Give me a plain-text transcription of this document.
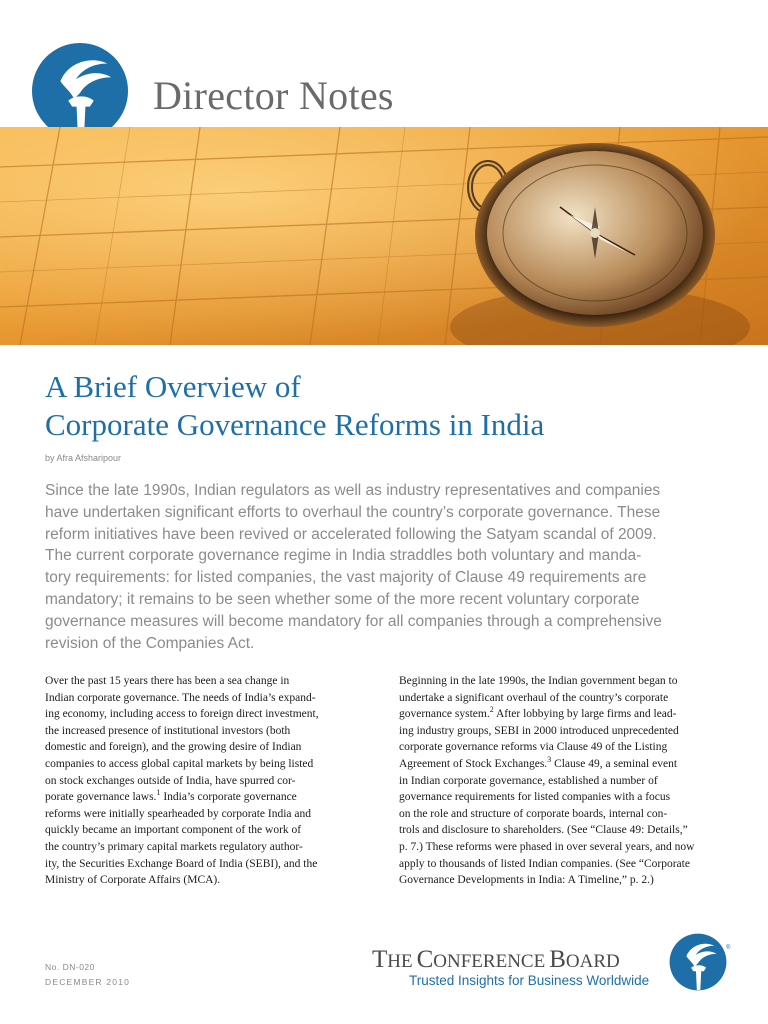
Director Notes
A Brief Overview of
Corporate Governance Reforms in India
by Afra Afsharipour
Since the late 1990s, Indian regulators as well as industry representatives and companies
have undertaken significant efforts to overhaul the country’s corporate governance. These
reform initiatives have been revived or accelerated following the Satyam scandal of 2009.
The current corporate governance regime in India straddles both voluntary and manda-
tory requirements: for listed companies, the vast majority of Clause 49 requirements are
mandatory; it remains to be seen whether some of the more recent voluntary corporate
governance measures will become mandatory for all companies through a comprehensive
revision of the Companies Act.
Over the past 15 years there has been a sea change in
Indian corporate governance. The needs of India’s expand-
ing economy, including access to foreign direct investment,
the increased presence of institutional investors (both
domestic and foreign), and the growing desire of Indian
companies to access global capital markets by being listed
on stock exchanges outside of India, have spurred cor-
porate governance laws.$^1$ India’s corporate governance
reforms were initially spearheaded by corporate India and
quickly became an important component of the work of
the country’s primary capital markets regulatory author-
ity, the Securities Exchange Board of India (SEBI), and the
Ministry of Corporate Affairs (MCA).
Beginning in the late 1990s, the Indian government began to
undertake a significant overhaul of the country’s corporate
governance system.$^2$ After lobbying by large firms and lead-
ing industry groups, SEBI in 2000 introduced unprecedented
corporate governance reforms via Clause 49 of the Listing
Agreement of Stock Exchanges.$^3$ Clause 49, a seminal event
in Indian corporate governance, established a number of
governance requirements for listed companies with a focus
on the role and structure of corporate boards, internal con-
trols and disclosure to shareholders. (See “Clause 49: Details,”
p. 7.) These reforms were phased in over several years, and now
apply to thousands of listed Indian companies. (See “Corporate
Governance Developments in India: A Timeline,” p. 2.)
No. DN-020
DECEMBER 2010
THE CONFERENCE BOARD
Trusted Insights for Business Worldwide
®
